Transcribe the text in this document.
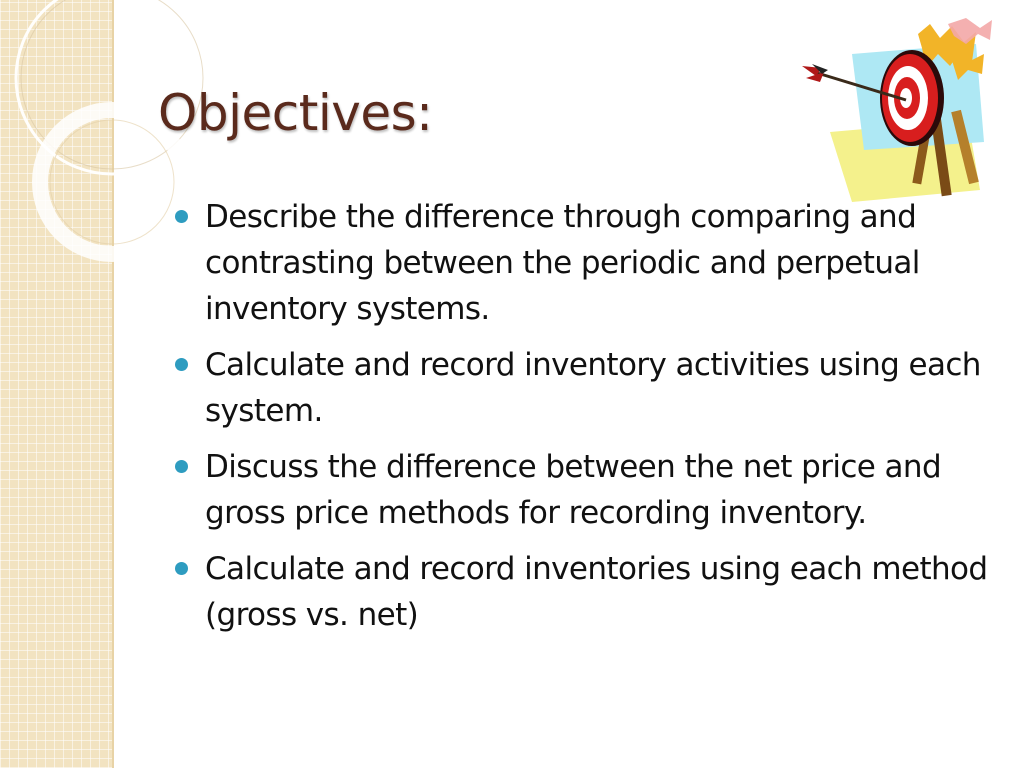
Objectives:
Describe the difference through comparing and contrasting between the periodic and perpetual inventory systems.
Calculate and record inventory activities using each system.
Discuss the difference between the net price and gross price methods for recording inventory.
Calculate and record inventories using each method (gross vs. net)
